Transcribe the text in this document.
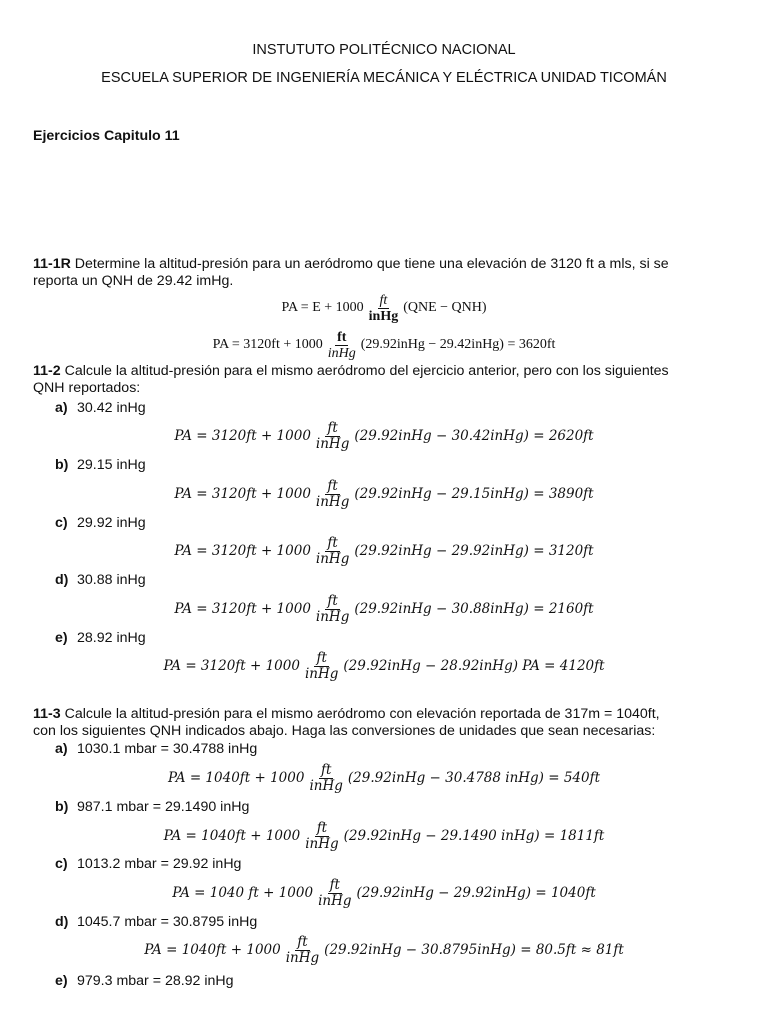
INSTUTUTO POLITÉCNICO NACIONAL
ESCUELA SUPERIOR DE INGENIERÍA MECÁNICA Y ELÉCTRICA UNIDAD TICOMÁN
Ejercicios Capitulo 11
11-1R Determine la altitud-presión para un aeródromo que tiene una elevación de 3120 ft a mls, si se
reporta un QNH de 29.42 imHg.
PA = $E + 1000 \frac{ft}{\text{inHg}} (QNE - QNH)$
PA = $3120ft + 1000 \frac{ft}{\text{inHg}}$ (29.92inHg − 29.42inHg) = 3620ft
11-2 Calcule la altitud-presión para el mismo aeródromo del ejercicio anterior, pero con los siguientes
QNH reportados:
a) 30.42 inHg
PA = $3120ft + 1000 \frac{ft}{\text{inHg}}$ (29.92inHg − 30.42inHg) = 2620ft
b) 29.15 inHg
PA = $3120ft + 1000 \frac{ft}{\text{inHg}}$ (29.92inHg − 29.15inHg) = 3890ft
c) 29.92 inHg
PA = $3120ft + 1000 \frac{ft}{\text{inHg}}$ (29.92inHg − 29.92inHg) = 3120ft
d) 30.88 inHg
PA = $3120ft + 1000 \frac{ft}{\text{inHg}}$ (29.92inHg − 30.88inHg) = 2160ft
e) 28.92 inHg
PA = $3120ft + 1000 \frac{ft}{\text{inHg}}$ (29.92inHg − 28.92inHg) PA = 4120ft
11-3 Calcule la altitud-presión para el mismo aeródromo con elevación reportada de 317m = 1040ft,
con los siguientes QNH indicados abajo. Haga las conversiones de unidades que sean necesarias:
a) 1030.1 mbar = 30.4788 inHg
PA = $1040ft + 1000 \frac{ft}{\text{inHg}}$ (29.92inHg − 30.4788 inHg) = 540ft
b) 987.1 mbar = 29.1490 inHg
PA = $1040ft + 1000 \frac{ft}{\text{inHg}}$ (29.92inHg − 29.1490 inHg) = 1811ft
c) 1013.2 mbar = 29.92 inHg
PA = 1040 ft + $1000 \frac{ft}{\text{inHg}}$ (29.92inHg − 29.92inHg) = 1040ft
d) 1045.7 mbar = 30.8795 inHg
PA = $1040ft + 1000 \frac{ft}{\text{inHg}}$ (29.92inHg − 30.8795inHg) = 80.5ft ≈ 81ft
e) 979.3 mbar = 28.92 inHg
